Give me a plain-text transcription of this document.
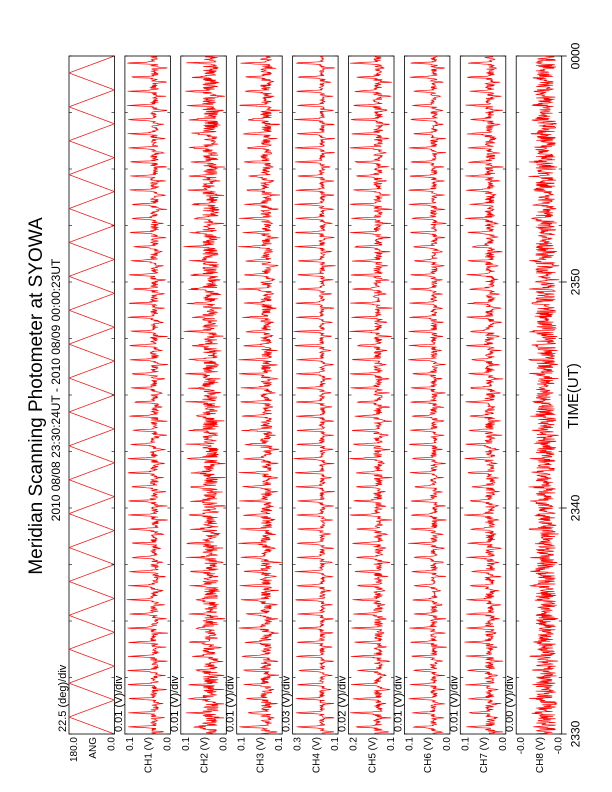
22.5 (deg)/div
180.0	0.0
ANG
0.01 (V)/div
0.1	0.0
CH1 (V)
0.01 (V)/div
0.1	0.0
CH2 (V)
0.01 (V)/div
0.1	0.1
CH3 (V)
0.03 (V)/div
0.3	0.1
CH4 (V)
0.02 (V)/div
0.2	0.1
CH5 (V)
0.01 (V)/div
0.1	0.0
CH6 (V)
0.01 (V)/div
0.1	0.0
CH7 (V)
0.00 (V)/div
-0.0	-0.0
CH8 (V)
2330
2340
2350
0000
Meridian Scanning Photometer at SYOWA 2010 08/08 23:30:24UT - 2010 08/09 00:00:23UT	TIME(UT)
